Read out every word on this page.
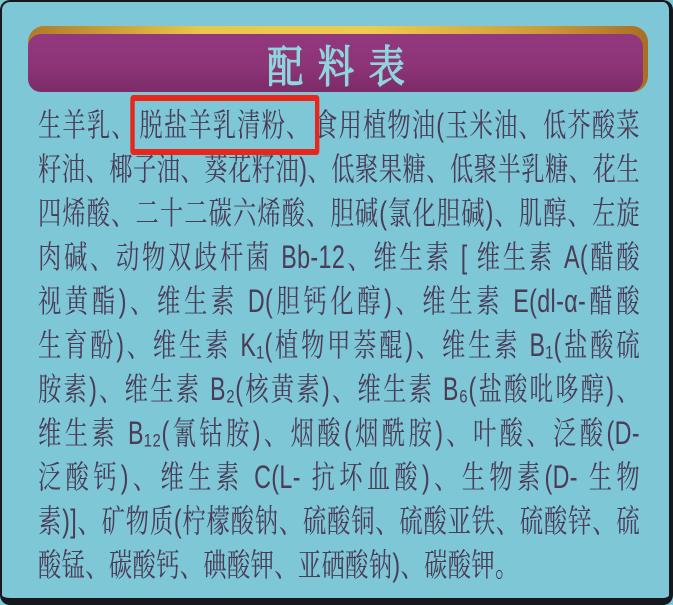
配料表
生羊乳、 脱盐羊乳清粉、 食用植物油(玉米油、低芥酸菜
籽油、椰子油、葵花籽油)、低聚果糖、低聚半乳糖、花生
四烯酸、二十二碳六烯酸、胆碱(氯化胆碱)、肌醇、左旋
肉碱、动物双歧杆菌 Bb-12、维生素 [ 维生素 A(醋酸
视黄酯)、维生素 D(胆钙化醇)、维生素 E(dl-α-醋酸
生育酚)、维生素 K₁(植物甲萘醌)、维生素 B₁(盐酸硫
胺素)、维生素 B₂(核黄素)、维生素 B₆(盐酸吡哆醇)、
维生素 B₁₂(氰钴胺)、烟酸(烟酰胺)、叶酸、泛酸(D-
泛酸钙)、维生素 C(L- 抗坏血酸)、生物素(D- 生物
素)]、矿物质(柠檬酸钠、硫酸铜、硫酸亚铁、硫酸锌、硫
酸锰、碳酸钙、碘酸钾、亚硒酸钠)、碳酸钾。
